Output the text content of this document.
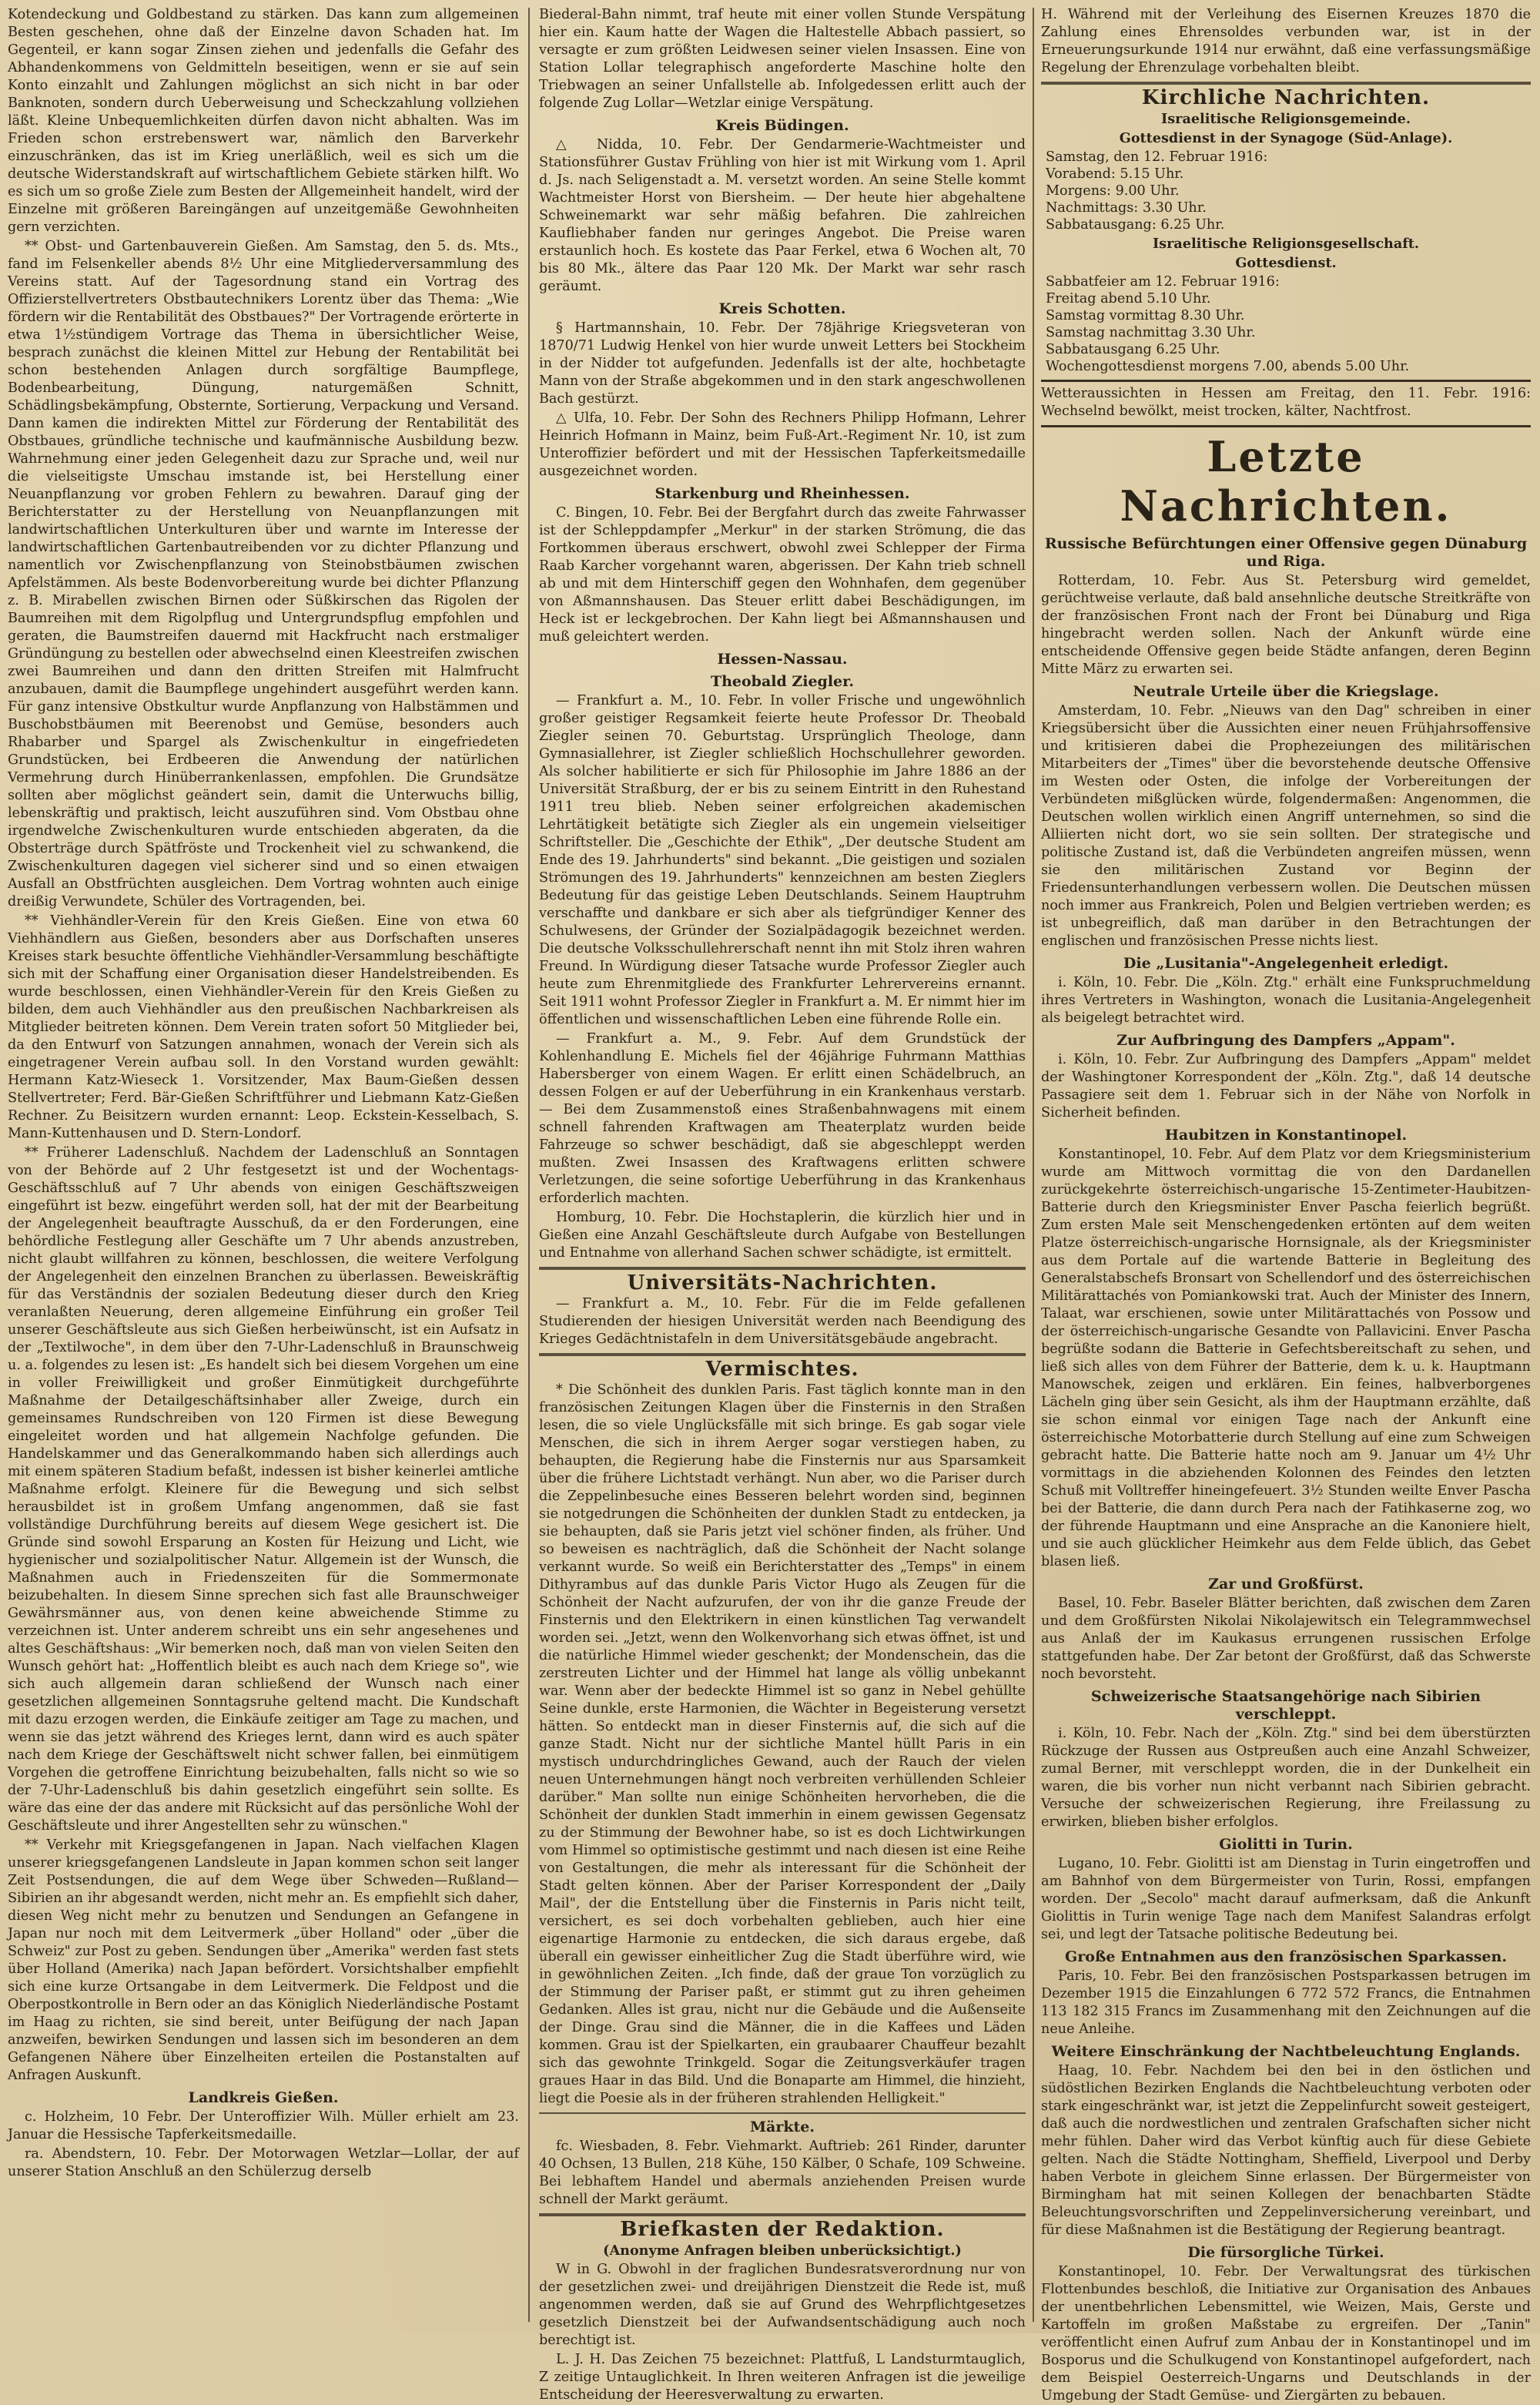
Kotendeckung und Goldbestand zu stärken. Das kann zum allgemeinen Besten geschehen, ohne daß der Einzelne davon Schaden hat. Im Gegenteil, er kann sogar Zinsen ziehen und jedenfalls die Gefahr des Abhandenkommens von Geldmitteln beseitigen, wenn er sie auf sein Konto einzahlt und Zahlungen möglichst an sich nicht in bar oder Banknoten, sondern durch Ueberweisung und Scheckzahlung vollziehen läßt. Kleine Unbequemlichkeiten dürfen davon nicht abhalten. Was im Frieden schon erstrebenswert war, nämlich den Barverkehr einzuschränken, das ist im Krieg unerläßlich, weil es sich um die deutsche Widerstandskraft auf wirtschaftlichem Gebiete stärken hilft. Wo es sich um so große Ziele zum Besten der Allgemeinheit handelt, wird der Einzelne mit größeren Bareingängen auf unzeitgemäße Gewohnheiten gern verzichten.

** Obst- und Gartenbauverein Gießen. Am Samstag, den 5. ds. Mts., fand im Felsenkeller abends 8½ Uhr eine Mitgliederversammlung des Vereins statt. Auf der Tagesordnung stand ein Vortrag des Offizierstellvertreters Obstbautechnikers Lorentz über das Thema: „Wie fördern wir die Rentabilität des Obstbaues?" Der Vortragende erörterte in etwa 1½stündigem Vortrage das Thema in übersichtlicher Weise, besprach zunächst die kleinen Mittel zur Hebung der Rentabilität bei schon bestehenden Anlagen durch sorgfältige Baumpflege, Bodenbearbeitung, Düngung, naturgemäßen Schnitt, Schädlingsbekämpfung, Obsternte, Sortierung, Verpackung und Versand. Dann kamen die indirekten Mittel zur Förderung der Rentabilität des Obstbaues, gründliche technische und kaufmännische Ausbildung bezw. Wahrnehmung einer jeden Gelegenheit dazu zur Sprache und, weil nur die vielseitigste Umschau imstande ist, bei Herstellung einer Neuanpflanzung vor groben Fehlern zu bewahren. Darauf ging der Berichterstatter zu der Herstellung von Neuanpflanzungen mit landwirtschaftlichen Unterkulturen über und warnte im Interesse der landwirtschaftlichen Gartenbautreibenden vor zu dichter Pflanzung und namentlich vor Zwischenpflanzung von Steinobstbäumen zwischen Apfelstämmen. Als beste Bodenvorbereitung wurde bei dichter Pflanzung z. B. Mirabellen zwischen Birnen oder Süßkirschen das Rigolen der Baumreihen mit dem Rigolpflug und Untergrundspflug empfohlen und geraten, die Baumstreifen dauernd mit Hackfrucht nach erstmaliger Gründüngung zu bestellen oder abwechselnd einen Kleestreifen zwischen zwei Baumreihen und dann den dritten Streifen mit Halmfrucht anzubauen, damit die Baumpflege ungehindert ausgeführt werden kann. Für ganz intensive Obstkultur wurde Anpflanzung von Halbstämmen und Buschobstbäumen mit Beerenobst und Gemüse, besonders auch Rhabarber und Spargel als Zwischenkultur in eingefriedeten Grundstücken, bei Erdbeeren die Anwendung der natürlichen Vermehrung durch Hinüberrankenlassen, empfohlen. Die Grundsätze sollten aber möglichst geändert sein, damit die Unterwuchs billig, lebenskräftig und praktisch, leicht auszuführen sind. Vom Obstbau ohne irgendwelche Zwischenkulturen wurde entschieden abgeraten, da die Obsterträge durch Spätfröste und Trockenheit viel zu schwankend, die Zwischenkulturen dagegen viel sicherer sind und so einen etwaigen Ausfall an Obstfrüchten ausgleichen. Dem Vortrag wohnten auch einige dreißig Verwundete, Schüler des Vortragenden, bei.

** Viehhändler-Verein für den Kreis Gießen. Eine von etwa 60 Viehhändlern aus Gießen, besonders aber aus Dorfschaften unseres Kreises stark besuchte öffentliche Viehhändler-Versammlung beschäftigte sich mit der Schaffung einer Organisation dieser Handelstreibenden. Es wurde beschlossen, einen Viehhändler-Verein für den Kreis Gießen zu bilden, dem auch Viehhändler aus den preußischen Nachbarkreisen als Mitglieder beitreten können. Dem Verein traten sofort 50 Mitglieder bei, da den Entwurf von Satzungen annahmen, wonach der Verein sich als eingetragener Verein aufbau soll. In den Vorstand wurden gewählt: Hermann Katz-Wieseck 1. Vorsitzender, Max Baum-Gießen dessen Stellvertreter; Ferd. Bär-Gießen Schriftführer und Liebmann Katz-Gießen Rechner. Zu Beisitzern wurden ernannt: Leop. Eckstein-Kesselbach, S. Mann-Kuttenhausen und D. Stern-Londorf.

** Früherer Ladenschluß. Nachdem der Ladenschluß an Sonntagen von der Behörde auf 2 Uhr festgesetzt ist und der Wochentags-Geschäftsschluß auf 7 Uhr abends von einigen Geschäftszweigen eingeführt ist bezw. eingeführt werden soll, hat der mit der Bearbeitung der Angelegenheit beauftragte Ausschuß, da er den Forderungen, eine behördliche Festlegung aller Geschäfte um 7 Uhr abends anzustreben, nicht glaubt willfahren zu können, beschlossen, die weitere Verfolgung der Angelegenheit den einzelnen Branchen zu überlassen. Beweiskräftig für das Verständnis der sozialen Bedeutung dieser durch den Krieg veranlaßten Neuerung, deren allgemeine Einführung ein großer Teil unserer Geschäftsleute aus sich Gießen herbeiwünscht, ist ein Aufsatz in der „Textilwoche", in dem über den 7-Uhr-Ladenschluß in Braunschweig u. a. folgendes zu lesen ist: „Es handelt sich bei diesem Vorgehen um eine in voller Freiwilligkeit und großer Einmütigkeit durchgeführte Maßnahme der Detailgeschäftsinhaber aller Zweige, durch ein gemeinsames Rundschreiben von 120 Firmen ist diese Bewegung eingeleitet worden und hat allgemein Nachfolge gefunden. Die Handelskammer und das Generalkommando haben sich allerdings auch mit einem späteren Stadium befaßt, indessen ist bisher keinerlei amtliche Maßnahme erfolgt. Kleinere für die Bewegung und sich selbst herausbildet ist in großem Umfang angenommen, daß sie fast vollständige Durchführung bereits auf diesem Wege gesichert ist. Die Gründe sind sowohl Ersparung an Kosten für Heizung und Licht, wie hygienischer und sozialpolitischer Natur. Allgemein ist der Wunsch, die Maßnahmen auch in Friedenszeiten für die Sommermonate beizubehalten. In diesem Sinne sprechen sich fast alle Braunschweiger Gewährsmänner aus, von denen keine abweichende Stimme zu verzeichnen ist. Unter anderem schreibt uns ein sehr angesehenes und altes Geschäftshaus: „Wir bemerken noch, daß man von vielen Seiten den Wunsch gehört hat: „Hoffentlich bleibt es auch nach dem Kriege so", wie sich auch allgemein daran schließend der Wunsch nach einer gesetzlichen allgemeinen Sonntagsruhe geltend macht. Die Kundschaft mit dazu erzogen werden, die Einkäufe zeitiger am Tage zu machen, und wenn sie das jetzt während des Krieges lernt, dann wird es auch später nach dem Kriege der Geschäftswelt nicht schwer fallen, bei einmütigem Vorgehen die getroffene Einrichtung beizubehalten, falls nicht so wie so der 7-Uhr-Ladenschluß bis dahin gesetzlich eingeführt sein sollte. Es wäre das eine der das andere mit Rücksicht auf das persönliche Wohl der Geschäftsleute und ihrer Angestellten sehr zu wünschen."

** Verkehr mit Kriegsgefangenen in Japan. Nach vielfachen Klagen unserer kriegsgefangenen Landsleute in Japan kommen schon seit langer Zeit Postsendungen, die auf dem Wege über Schweden—Rußland—Sibirien an ihr abgesandt werden, nicht mehr an. Es empfiehlt sich daher, diesen Weg nicht mehr zu benutzen und Sendungen an Gefangene in Japan nur noch mit dem Leitvermerk „über Holland" oder „über die Schweiz" zur Post zu geben. Sendungen über „Amerika" werden fast stets über Holland (Amerika) nach Japan befördert. Vorsichtshalber empfiehlt sich eine kurze Ortsangabe in dem Leitvermerk. Die Feldpost und die Oberpostkontrolle in Bern oder an das Königlich Niederländische Postamt im Haag zu richten, sie sind bereit, unter Beifügung der nach Japan anzweifen, bewirken Sendungen und lassen sich im besonderen an dem Gefangenen Nähere über Einzelheiten erteilen die Postanstalten auf Anfragen Auskunft.

Landkreis Gießen.

c. Holzheim, 10 Febr. Der Unteroffizier Wilh. Müller erhielt am 23. Januar die Hessische Tapferkeitsmedaille.

ra. Abendstern, 10. Febr. Der Motorwagen Wetzlar—Lollar, der auf unserer Station Anschluß an den Schülerzug derselb

Biederal-Bahn nimmt, traf heute mit einer vollen Stunde Verspätung hier ein. Kaum hatte der Wagen die Haltestelle Abbach passiert, so versagte er zum größten Leidwesen seiner vielen Insassen. Eine von Station Lollar telegraphisch angeforderte Maschine holte den Triebwagen an seiner Unfallstelle ab. Infolgedessen erlitt auch der folgende Zug Lollar—Wetzlar einige Verspätung.

Kreis Büdingen.

△ Nidda, 10. Febr. Der Gendarmerie-Wachtmeister und Stationsführer Gustav Frühling von hier ist mit Wirkung vom 1. April d. Js. nach Seligenstadt a. M. versetzt worden. An seine Stelle kommt Wachtmeister Horst von Biersheim. — Der heute hier abgehaltene Schweinemarkt war sehr mäßig befahren. Die zahlreichen Kaufliebhaber fanden nur geringes Angebot. Die Preise waren erstaunlich hoch. Es kostete das Paar Ferkel, etwa 6 Wochen alt, 70 bis 80 Mk., ältere das Paar 120 Mk. Der Markt war sehr rasch geräumt.

Kreis Schotten.

§ Hartmannshain, 10. Febr. Der 78jährige Kriegsveteran von 1870/71 Ludwig Henkel von hier wurde unweit Letters bei Stockheim in der Nidder tot aufgefunden. Jedenfalls ist der alte, hochbetagte Mann von der Straße abgekommen und in den stark angeschwollenen Bach gestürzt.

△ Ulfa, 10. Febr. Der Sohn des Rechners Philipp Hofmann, Lehrer Heinrich Hofmann in Mainz, beim Fuß-Art.-Regiment Nr. 10, ist zum Unteroffizier befördert und mit der Hessischen Tapferkeitsmedaille ausgezeichnet worden.

Starkenburg und Rheinhessen.

C. Bingen, 10. Febr. Bei der Bergfahrt durch das zweite Fahrwasser ist der Schleppdampfer „Merkur" in der starken Strömung, die das Fortkommen überaus erschwert, obwohl zwei Schlepper der Firma Raab Karcher vorgehannt waren, abgerissen. Der Kahn trieb schnell ab und mit dem Hinterschiff gegen den Wohnhafen, dem gegenüber von Aßmannshausen. Das Steuer erlitt dabei Beschädigungen, im Heck ist er leckgebrochen. Der Kahn liegt bei Aßmannshausen und muß geleichtert werden.

Hessen-Nassau.
Theobald Ziegler.

— Frankfurt a. M., 10. Febr. In voller Frische und ungewöhnlich großer geistiger Regsamkeit feierte heute Professor Dr. Theobald Ziegler seinen 70. Geburtstag. Ursprünglich Theologe, dann Gymnasiallehrer, ist Ziegler schließlich Hochschullehrer geworden. Als solcher habilitierte er sich für Philosophie im Jahre 1886 an der Universität Straßburg, der er bis zu seinem Eintritt in den Ruhestand 1911 treu blieb. Neben seiner erfolgreichen akademischen Lehrtätigkeit betätigte sich Ziegler als ein ungemein vielseitiger Schriftsteller. Die „Geschichte der Ethik", „Der deutsche Student am Ende des 19. Jahrhunderts" sind bekannt. „Die geistigen und sozialen Strömungen des 19. Jahrhunderts" kennzeichnen am besten Zieglers Bedeutung für das geistige Leben Deutschlands. Seinem Hauptruhm verschaffte und dankbare er sich aber als tiefgründiger Kenner des Schulwesens, der Gründer der Sozialpädagogik bezeichnet werden. Die deutsche Volksschullehrerschaft nennt ihn mit Stolz ihren wahren Freund. In Würdigung dieser Tatsache wurde Professor Ziegler auch heute zum Ehrenmitgliede des Frankfurter Lehrervereins ernannt. Seit 1911 wohnt Professor Ziegler in Frankfurt a. M. Er nimmt hier im öffentlichen und wissenschaftlichen Leben eine führende Rolle ein.

— Frankfurt a. M., 9. Febr. Auf dem Grundstück der Kohlenhandlung E. Michels fiel der 46jährige Fuhrmann Matthias Habersberger von einem Wagen. Er erlitt einen Schädelbruch, an dessen Folgen er auf der Ueberführung in ein Krankenhaus verstarb. — Bei dem Zusammenstoß eines Straßenbahnwagens mit einem schnell fahrenden Kraftwagen am Theaterplatz wurden beide Fahrzeuge so schwer beschädigt, daß sie abgeschleppt werden mußten. Zwei Insassen des Kraftwagens erlitten schwere Verletzungen, die seine sofortige Ueberführung in das Krankenhaus erforderlich machten.

Homburg, 10. Febr. Die Hochstaplerin, die kürzlich hier und in Gießen eine Anzahl Geschäftsleute durch Aufgabe von Bestellungen und Entnahme von allerhand Sachen schwer schädigte, ist ermittelt.

Universitäts-Nachrichten.

— Frankfurt a. M., 10. Febr. Für die im Felde gefallenen Studierenden der hiesigen Universität werden nach Beendigung des Krieges Gedächtnistafeln in dem Universitätsgebäude angebracht.

Vermischtes.

* Die Schönheit des dunklen Paris. Fast täglich konnte man in den französischen Zeitungen Klagen über die Finsternis in den Straßen lesen, die so viele Unglücksfälle mit sich bringe. Es gab sogar viele Menschen, die sich in ihrem Aerger sogar verstiegen haben, zu behaupten, die Regierung habe die Finsternis nur aus Sparsamkeit über die frühere Lichtstadt verhängt. Nun aber, wo die Pariser durch die Zeppelinbesuche eines Besseren belehrt worden sind, beginnen sie notgedrungen die Schönheiten der dunklen Stadt zu entdecken, ja sie behaupten, daß sie Paris jetzt viel schöner finden, als früher. Und so beweisen es nachträglich, daß die Schönheit der Nacht solange verkannt wurde. So weiß ein Berichterstatter des „Temps" in einem Dithyrambus auf das dunkle Paris Victor Hugo als Zeugen für die Schönheit der Nacht aufzurufen, der von ihr die ganze Freude der Finsternis und den Elektrikern in einen künstlichen Tag verwandelt worden sei. „Jetzt, wenn den Wolkenvorhang sich etwas öffnet, ist und die natürliche Himmel wieder geschenkt; der Mondenschein, das die zerstreuten Lichter und der Himmel hat lange als völlig unbekannt war. Wenn aber der bedeckte Himmel ist so ganz in Nebel gehüllte Seine dunkle, erste Harmonien, die Wächter in Begeisterung versetzt hätten. So entdeckt man in dieser Finsternis auf, die sich auf die ganze Stadt. Nicht nur der sichtliche Mantel hüllt Paris in ein mystisch undurchdringliches Gewand, auch der Rauch der vielen neuen Unternehmungen hängt noch verbreiten verhüllenden Schleier darüber." Man sollte nun einige Schönheiten hervorheben, die die Schönheit der dunklen Stadt immerhin in einem gewissen Gegensatz zu der Stimmung der Bewohner habe, so ist es doch Lichtwirkungen vom Himmel so optimistische gestimmt und nach diesen ist eine Reihe von Gestaltungen, die mehr als interessant für die Schönheit der Stadt gelten können. Aber der Pariser Korrespondent der „Daily Mail", der die Entstellung über die Finsternis in Paris nicht teilt, versichert, es sei doch vorbehalten geblieben, auch hier eine eigenartige Harmonie zu entdecken, die sich daraus ergebe, daß überall ein gewisser einheitlicher Zug die Stadt überführe wird, wie in gewöhnlichen Zeiten. „Ich finde, daß der graue Ton vorzüglich zu der Stimmung der Pariser paßt, er stimmt gut zu ihren geheimen Gedanken. Alles ist grau, nicht nur die Gebäude und die Außenseite der Dinge. Grau sind die Männer, die in die Kaffees und Läden kommen. Grau ist der Spielkarten, ein graubaarer Chauffeur bezahlt sich das gewohnte Trinkgeld. Sogar die Zeitungsverkäufer tragen graues Haar in das Bild. Und die Bonaparte am Himmel, die hinzieht, liegt die Poesie als in der früheren strahlenden Helligkeit."

Märkte.

fc. Wiesbaden, 8. Febr. Viehmarkt. Auftrieb: 261 Rinder, darunter 40 Ochsen, 13 Bullen, 218 Kühe, 150 Kälber, 0 Schafe, 109 Schweine. Bei lebhaftem Handel und abermals anziehenden Preisen wurde schnell der Markt geräumt.

Briefkasten der Redaktion.
(Anonyme Anfragen bleiben unberücksichtigt.)

W in G. Obwohl in der fraglichen Bundesratsverordnung nur von der gesetzlichen zwei- und dreijährigen Dienstzeit die Rede ist, muß angenommen werden, daß sie auf Grund des Wehrpflichtgesetzes gesetzlich Dienstzeit bei der Aufwandsentschädigung auch noch berechtigt ist.

L. J. H. Das Zeichen 75 bezeichnet: Plattfuß, L Landsturmtauglich, Z zeitige Untauglichkeit. In Ihren weiteren Anfragen ist die jeweilige Entscheidung der Heeresverwaltung zu erwarten.

H. Während mit der Verleihung des Eisernen Kreuzes 1870 die Zahlung eines Ehrensoldes verbunden war, ist in der Erneuerungsurkunde 1914 nur erwähnt, daß eine verfassungsmäßige Regelung der Ehrenzulage vorbehalten bleibt.

Kirchliche Nachrichten.
Israelitische Religionsgemeinde.
Gottesdienst in der Synagoge (Süd-Anlage).
Samstag, den 12. Februar 1916:
Vorabend: 5.15 Uhr.
Morgens: 9.00 Uhr.
Nachmittags: 3.30 Uhr.
Sabbatausgang: 6.25 Uhr.
Israelitische Religionsgesellschaft.
Gottesdienst.
Sabbatfeier am 12. Februar 1916:
Freitag abend 5.10 Uhr.
Samstag vormittag 8.30 Uhr.
Samstag nachmittag 3.30 Uhr.
Sabbatausgang 6.25 Uhr.
Wochengottesdienst morgens 7.00, abends 5.00 Uhr.

Wetteraussichten in Hessen am Freitag, den 11. Febr. 1916: Wechselnd bewölkt, meist trocken, kälter, Nachtfrost.

Letzte Nachrichten.
Russische Befürchtungen einer Offensive gegen Dünaburg und Riga.

Rotterdam, 10. Febr. Aus St. Petersburg wird gemeldet, gerüchtweise verlaute, daß bald ansehnliche deutsche Streitkräfte von der französischen Front nach der Front bei Dünaburg und Riga hingebracht werden sollen. Nach der Ankunft würde eine entscheidende Offensive gegen beide Städte anfangen, deren Beginn Mitte März zu erwarten sei.

Neutrale Urteile über die Kriegslage.

Amsterdam, 10. Febr. „Nieuws van den Dag" schreiben in einer Kriegsübersicht über die Aussichten einer neuen Frühjahrsoffensive und kritisieren dabei die Prophezeiungen des militärischen Mitarbeiters der „Times" über die bevorstehende deutsche Offensive im Westen oder Osten, die infolge der Vorbereitungen der Verbündeten mißglücken würde, folgendermaßen: Angenommen, die Deutschen wollen wirklich einen Angriff unternehmen, so sind die Alliierten nicht dort, wo sie sein sollten. Der strategische und politische Zustand ist, daß die Verbündeten angreifen müssen, wenn sie den militärischen Zustand vor Beginn der Friedensunterhandlungen verbessern wollen. Die Deutschen müssen noch immer aus Frankreich, Polen und Belgien vertrieben werden; es ist unbegreiflich, daß man darüber in den Betrachtungen der englischen und französischen Presse nichts liest.

Die „Lusitania"-Angelegenheit erledigt.

i. Köln, 10. Febr. Die „Köln. Ztg." erhält eine Funkspruchmeldung ihres Vertreters in Washington, wonach die Lusitania-Angelegenheit als beigelegt betrachtet wird.

Zur Aufbringung des Dampfers „Appam".

i. Köln, 10. Febr. Zur Aufbringung des Dampfers „Appam" meldet der Washingtoner Korrespondent der „Köln. Ztg.", daß 14 deutsche Passagiere seit dem 1. Februar sich in der Nähe von Norfolk in Sicherheit befinden.

Haubitzen in Konstantinopel.

Konstantinopel, 10. Febr. Auf dem Platz vor dem Kriegsministerium wurde am Mittwoch vormittag die von den Dardanellen zurückgekehrte österreichisch-ungarische 15-Zentimeter-Haubitzen-Batterie durch den Kriegsminister Enver Pascha feierlich begrüßt. Zum ersten Male seit Menschengedenken ertönten auf dem weiten Platze österreichisch-ungarische Hornsignale, als der Kriegsminister aus dem Portale auf die wartende Batterie in Begleitung des Generalstabschefs Bronsart von Schellendorf und des österreichischen Militärattachés von Pomiankowski trat. Auch der Minister des Innern, Talaat, war erschienen, sowie unter Militärattachés von Possow und der österreichisch-ungarische Gesandte von Pallavicini. Enver Pascha begrüßte sodann die Batterie in Gefechtsbereitschaft zu sehen, und ließ sich alles von dem Führer der Batterie, dem k. u. k. Hauptmann Manowschek, zeigen und erklären. Ein feines, halbverborgenes Lächeln ging über sein Gesicht, als ihm der Hauptmann erzählte, daß sie schon einmal vor einigen Tage nach der Ankunft eine österreichische Motorbatterie durch Stellung auf eine zum Schweigen gebracht hatte. Die Batterie hatte noch am 9. Januar um 4½ Uhr vormittags in die abziehenden Kolonnen des Feindes den letzten Schuß mit Volltreffer hineingefeuert. 3½ Stunden weilte Enver Pascha bei der Batterie, die dann durch Pera nach der Fatihkaserne zog, wo der führende Hauptmann und eine Ansprache an die Kanoniere hielt, und sie auch glücklicher Heimkehr aus dem Felde üblich, das Gebet blasen ließ.

Zar und Großfürst.

Basel, 10. Febr. Baseler Blätter berichten, daß zwischen dem Zaren und dem Großfürsten Nikolai Nikolajewitsch ein Telegrammwechsel aus Anlaß der im Kaukasus errungenen russischen Erfolge stattgefunden habe. Der Zar betont der Großfürst, daß das Schwerste noch bevorsteht.

Schweizerische Staatsangehörige nach Sibirien verschleppt.

i. Köln, 10. Febr. Nach der „Köln. Ztg." sind bei dem überstürzten Rückzuge der Russen aus Ostpreußen auch eine Anzahl Schweizer, zumal Berner, mit verschleppt worden, die in der Dunkelheit ein waren, die bis vorher nun nicht verbannt nach Sibirien gebracht. Versuche der schweizerischen Regierung, ihre Freilassung zu erwirken, blieben bisher erfolglos.

Giolitti in Turin.

Lugano, 10. Febr. Giolitti ist am Dienstag in Turin eingetroffen und am Bahnhof von dem Bürgermeister von Turin, Rossi, empfangen worden. Der „Secolo" macht darauf aufmerksam, daß die Ankunft Giolittis in Turin wenige Tage nach dem Manifest Salandras erfolgt sei, und legt der Tatsache politische Bedeutung bei.

Große Entnahmen aus den französischen Sparkassen.

Paris, 10. Febr. Bei den französischen Postsparkassen betrugen im Dezember 1915 die Einzahlungen 6 772 572 Francs, die Entnahmen 113 182 315 Francs im Zusammenhang mit den Zeichnungen auf die neue Anleihe.

Weitere Einschränkung der Nachtbeleuchtung Englands.

Haag, 10. Febr. Nachdem bei den bei in den östlichen und südöstlichen Bezirken Englands die Nachtbeleuchtung verboten oder stark eingeschränkt war, ist jetzt die Zeppelinfurcht soweit gesteigert, daß auch die nordwestlichen und zentralen Grafschaften sicher nicht mehr fühlen. Daher wird das Verbot künftig auch für diese Gebiete gelten. Nach die Städte Nottingham, Sheffield, Liverpool und Derby haben Verbote in gleichem Sinne erlassen. Der Bürgermeister von Birmingham hat mit seinen Kollegen der benachbarten Städte Beleuchtungsvorschriften und Zeppelinversicherung vereinbart, und für diese Maßnahmen ist die Bestätigung der Regierung beantragt.

Die fürsorgliche Türkei.

Konstantinopel, 10. Febr. Der Verwaltungsrat des türkischen Flottenbundes beschloß, die Initiative zur Organisation des Anbaues der unentbehrlichen Lebensmittel, wie Weizen, Mais, Gerste und Kartoffeln im großen Maßstabe zu ergreifen. Der „Tanin" veröffentlicht einen Aufruf zum Anbau der in Konstantinopel und im Bosporus und die Schulkugend von Konstantinopel aufgefordert, nach dem Beispiel Oesterreich-Ungarns und Deutschlands in der Umgebung der Stadt Gemüse- und Ziergärten zu bebauen.
